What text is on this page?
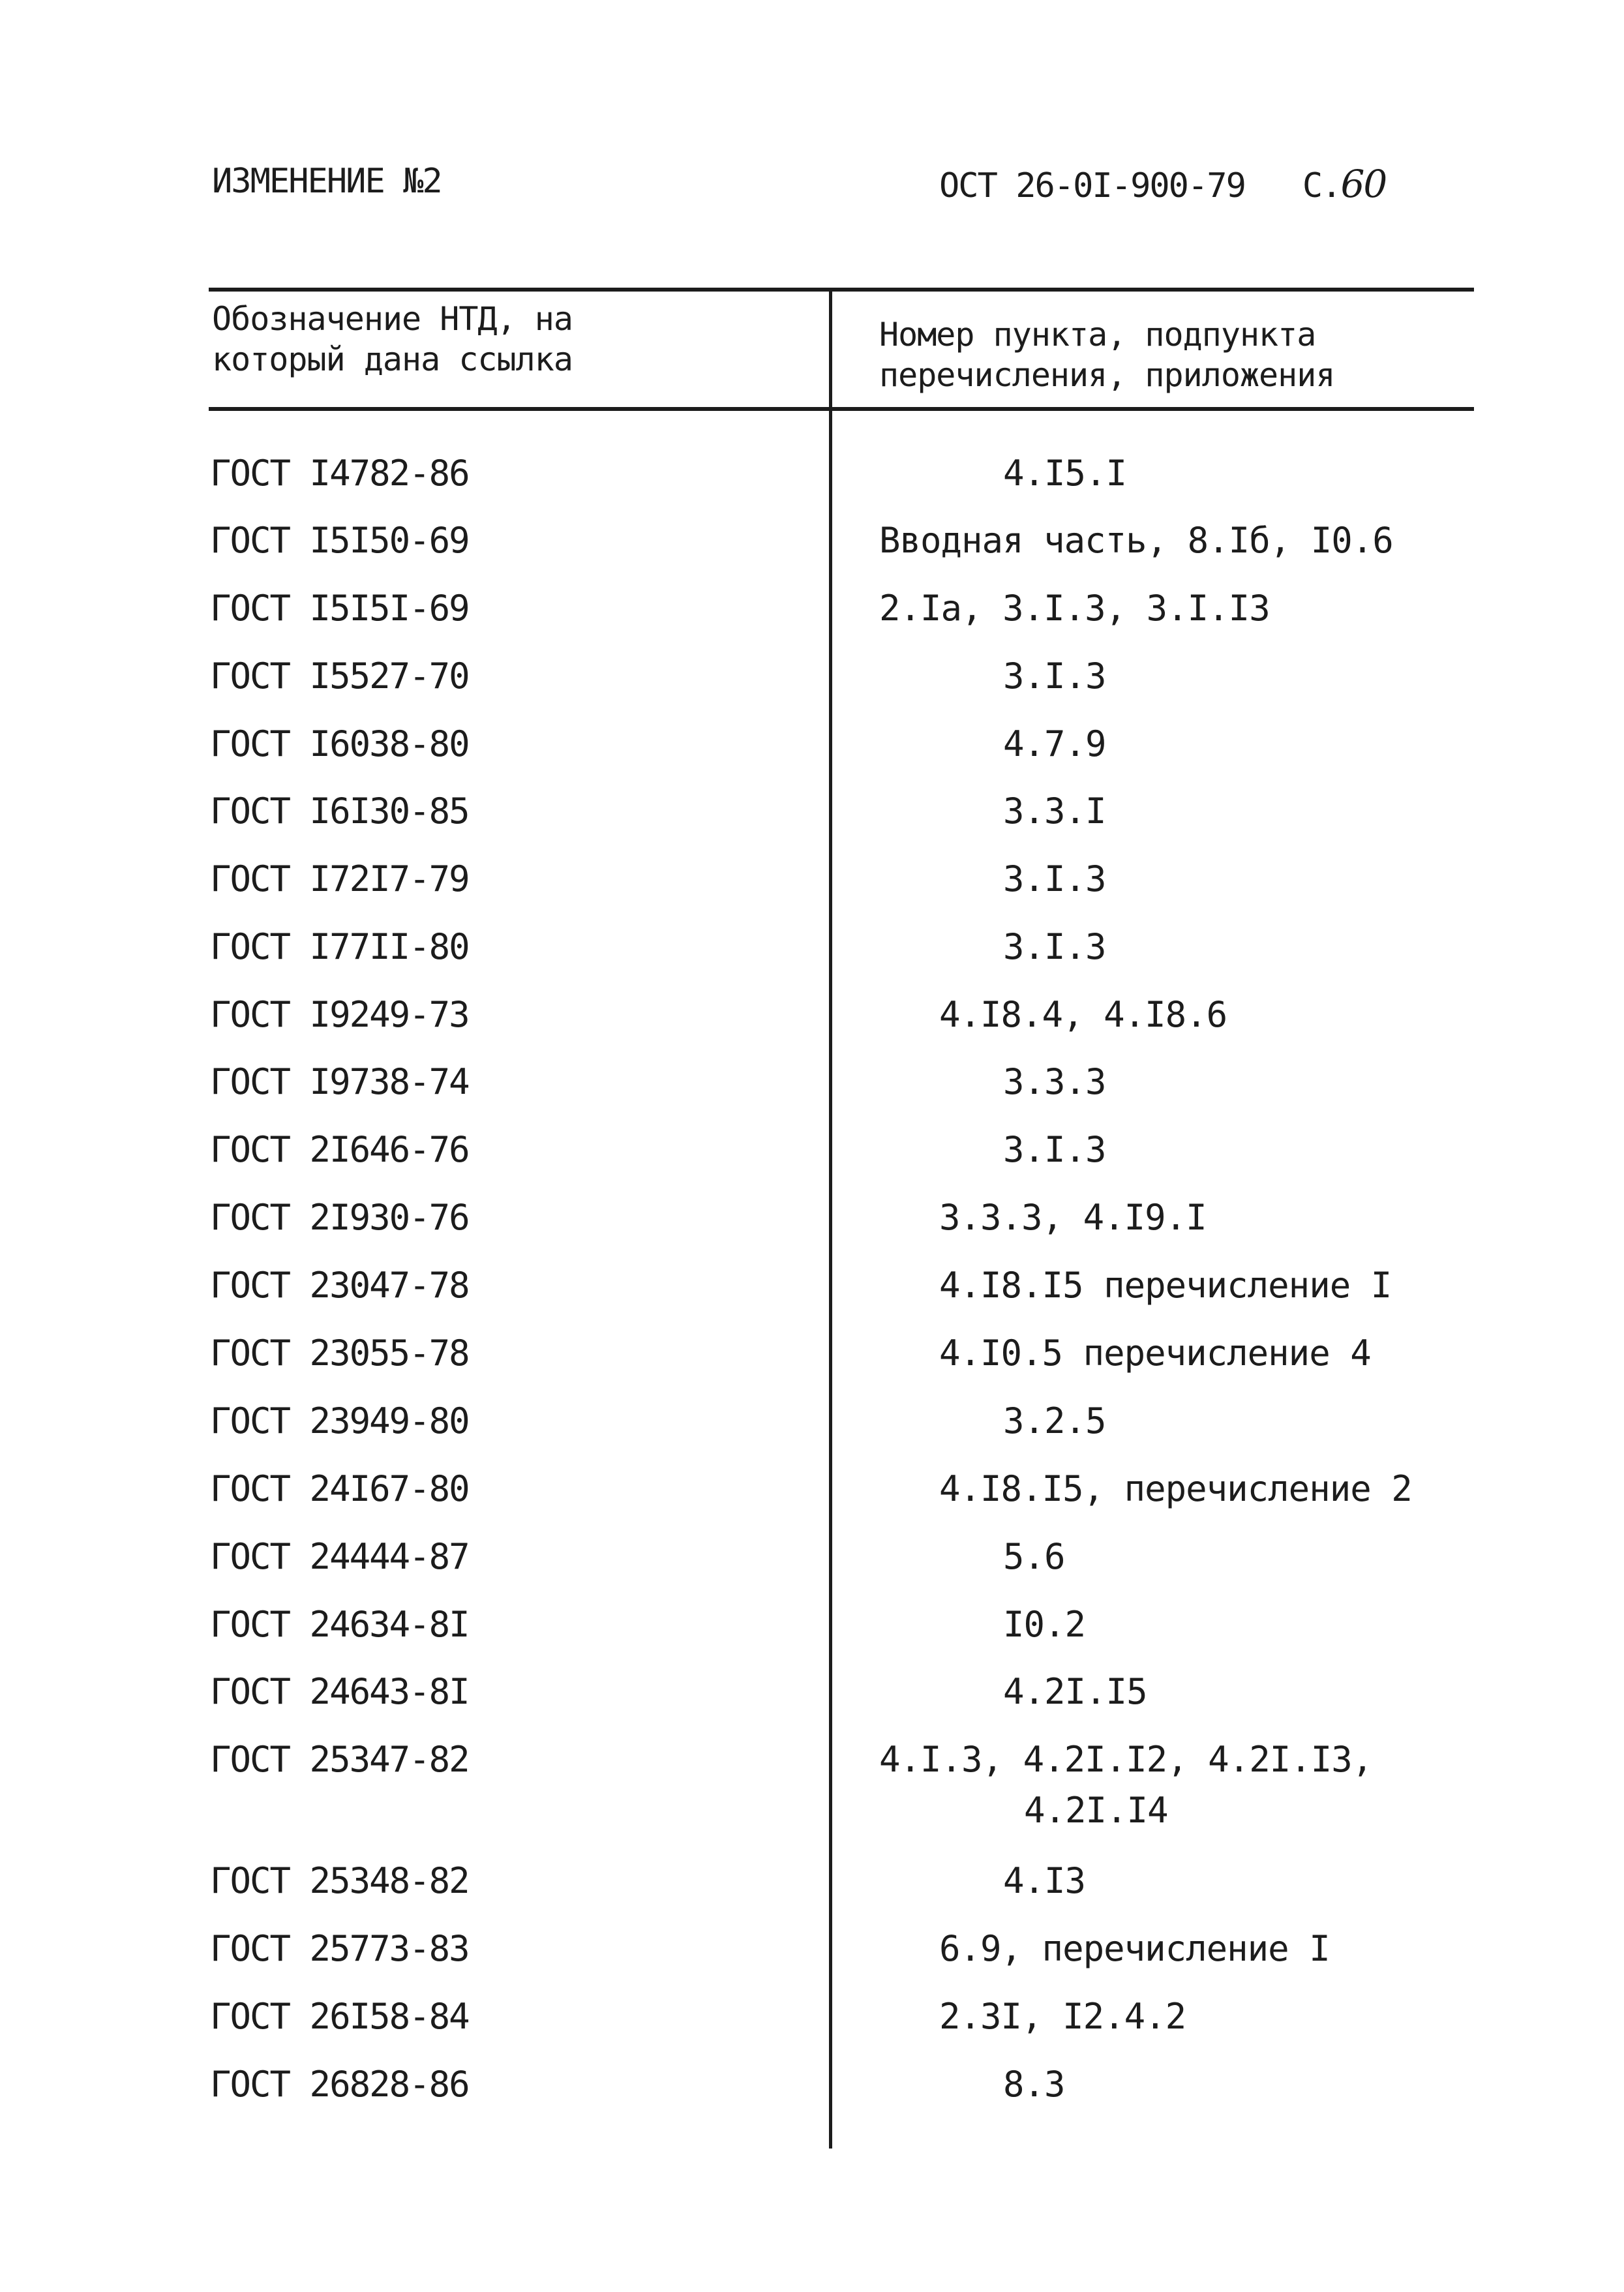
ИЗМЕНЕНИЕ №2	ОСТ 26-0I-900-79 С.60
Обозначение НТД, на
который дана ссылка
Номер пункта, подпункта
перечисления, приложения
ГОСТ I4782-86	4.I5.I
ГОСТ I5I50-69	Вводная часть, 8.Iб, I0.6
ГОСТ I5I5I-69	2.Iа, 3.I.3, 3.I.I3
ГОСТ I5527-70	3.I.3
ГОСТ I6038-80	4.7.9
ГОСТ I6I30-85	3.3.I
ГОСТ I72I7-79	3.I.3
ГОСТ I77II-80	3.I.3
ГОСТ I9249-73	4.I8.4, 4.I8.6
ГОСТ I9738-74	3.3.3
ГОСТ 2I646-76	3.I.3
ГОСТ 2I930-76	3.3.3, 4.I9.I
ГОСТ 23047-78	4.I8.I5 перечисление I
ГОСТ 23055-78	4.I0.5 перечисление 4
ГОСТ 23949-80	3.2.5
ГОСТ 24I67-80	4.I8.I5, перечисление 2
ГОСТ 24444-87	5.6
ГОСТ 24634-8I	I0.2
ГОСТ 24643-8I	4.2I.I5
ГОСТ 25347-82	4.I.3, 4.2I.I2, 4.2I.I3,
4.2I.I4
ГОСТ 25348-82	4.I3
ГОСТ 25773-83	6.9, перечисление I
ГОСТ 26I58-84	2.3I, I2.4.2
ГОСТ 26828-86	8.3
